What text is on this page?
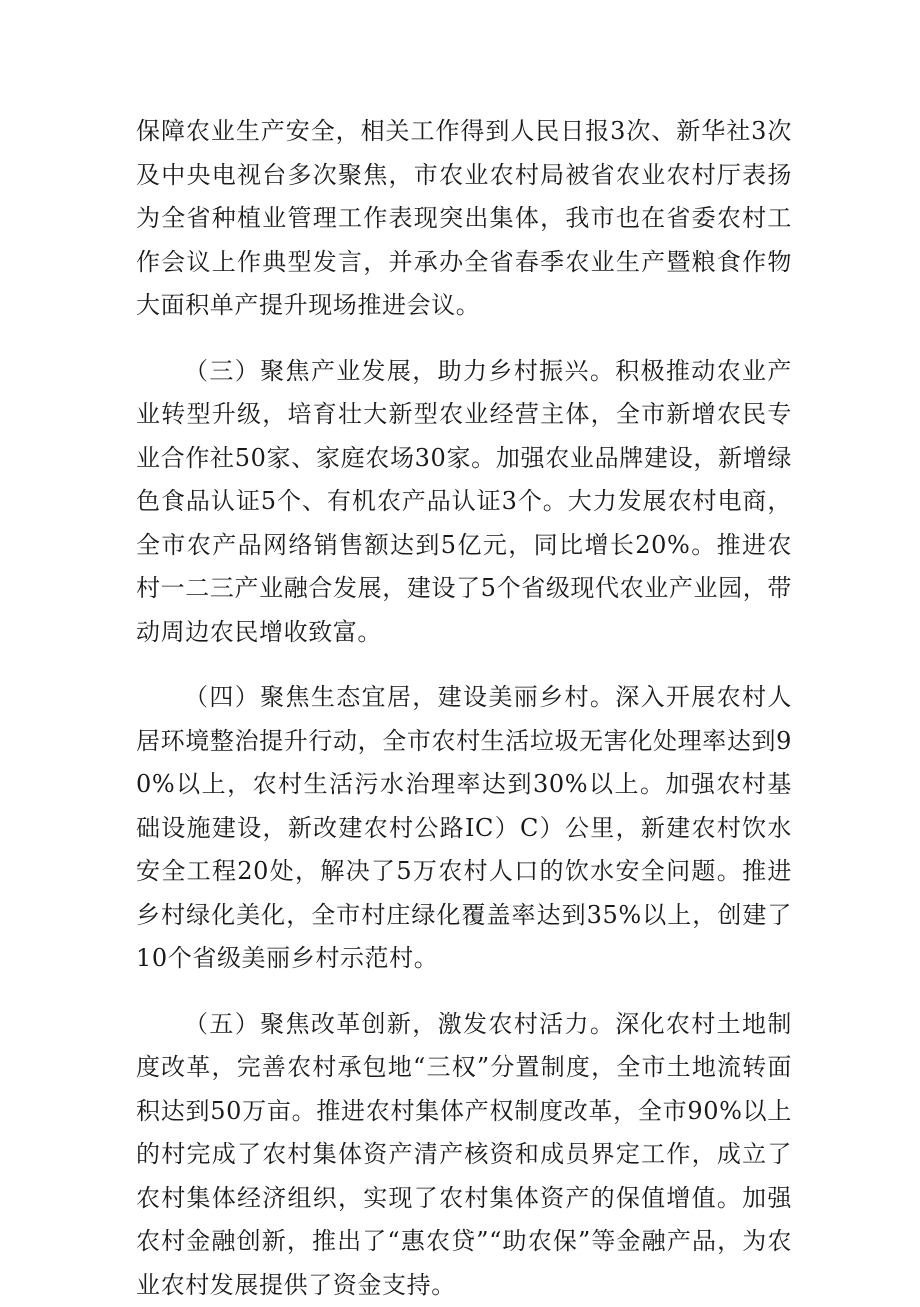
保障农业生产安全，相关工作得到人民日报3次、新华社3次及中央电视台多次聚焦，市农业农村局被省农业农村厅表扬为全省种植业管理工作表现突出集体，我市也在省委农村工作会议上作典型发言，并承办全省春季农业生产暨粮食作物大面积单产提升现场推进会议。

（三）聚焦产业发展，助力乡村振兴。积极推动农业产业转型升级，培育壮大新型农业经营主体，全市新增农民专业合作社50家、家庭农场30家。加强农业品牌建设，新增绿色食品认证5个、有机农产品认证3个。大力发展农村电商，全市农产品网络销售额达到5亿元，同比增长20%。推进农村一二三产业融合发展，建设了5个省级现代农业产业园，带动周边农民增收致富。

（四）聚焦生态宜居，建设美丽乡村。深入开展农村人居环境整治提升行动，全市农村生活垃圾无害化处理率达到90%以上，农村生活污水治理率达到30%以上。加强农村基础设施建设，新改建农村公路IC）C）公里，新建农村饮水安全工程20处，解决了5万农村人口的饮水安全问题。推进乡村绿化美化，全市村庄绿化覆盖率达到35%以上，创建了10个省级美丽乡村示范村。

（五）聚焦改革创新，激发农村活力。深化农村土地制度改革，完善农村承包地“三权”分置制度，全市土地流转面积达到50万亩。推进农村集体产权制度改革，全市90%以上的村完成了农村集体资产清产核资和成员界定工作，成立了农村集体经济组织，实现了农村集体资产的保值增值。加强农村金融创新，推出了“惠农贷”“助农保”等金融产品，为农业农村发展提供了资金支持。
